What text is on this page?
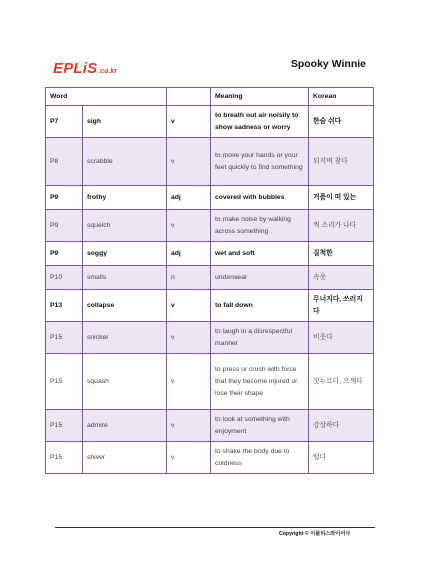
EPLiS .co.kr
Spooky Winnie
Word			Meaning	Korean
P7	sigh	v	to breath out air noisily to show sadness or worry	한숨 쉬다
P8	scrabble	v	to move your hands or your feet quickly to find something	뒤지며 찾다
P9	frothy	adj	covered with bubbles	거품이 떠 있는
P9	squelch	v	to make noise by walking across something	찍 소리가 나다
P9	soggy	adj	wet and soft	질척한
P10	smalls	n	underwear	속옷
P13	collapse	v	to fall down	무너지다, 쓰러지다
P15	snicker	v	to laugh in a disrespectful manner	비웃다
P15	squash	v	to press or crush with force that they become injured or lose their shape	짓누르다, 으깨다
P15	admire	v	to look at something with enjoyment	감상하다
P15	shiver	v	to shake the body due to coldness	떨다
Copyright © 이플리스와이어사
